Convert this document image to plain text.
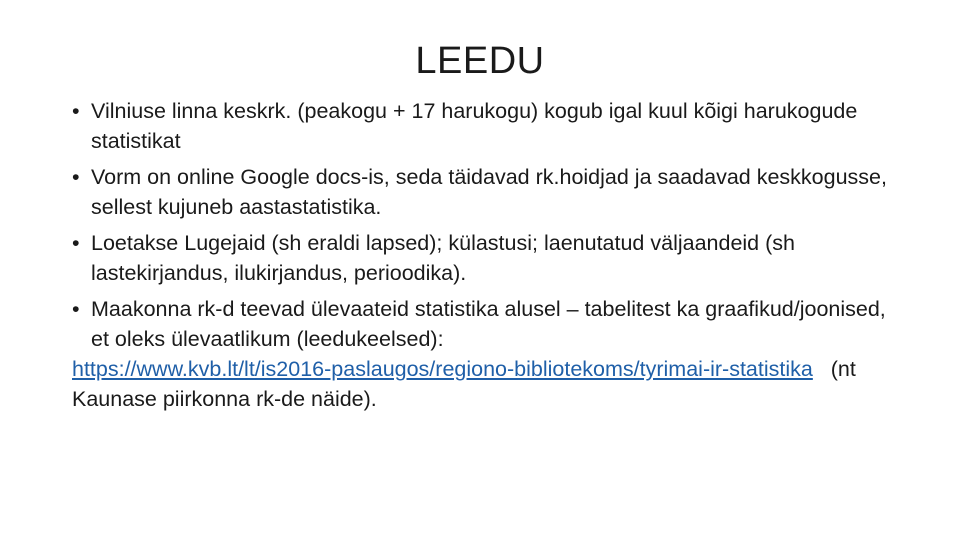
LEEDU

• Vilniuse linna keskrk. (peakogu + 17 harukogu) kogub igal kuul kõigi harukogude statistikat

• Vorm on online Google docs-is, seda täidavad rk.hoidjad ja saadavad keskkogusse, sellest kujuneb aastastatistika.

• Loetakse Lugejaid (sh eraldi lapsed); külastusi; laenutatud väljaandeid (sh lastekirjandus, ilukirjandus, perioodika).

• Maakonna rk-d teevad ülevaateid statistika alusel – tabelitest ka graafikud/joonised, et oleks ülevaatlikum (leedukeelsed):

https://www.kvb.lt/lt/is2016-paslaugos/regiono-bibliotekoms/tyrimai-ir-statistika (nt Kaunase piirkonna rk-de näide).
